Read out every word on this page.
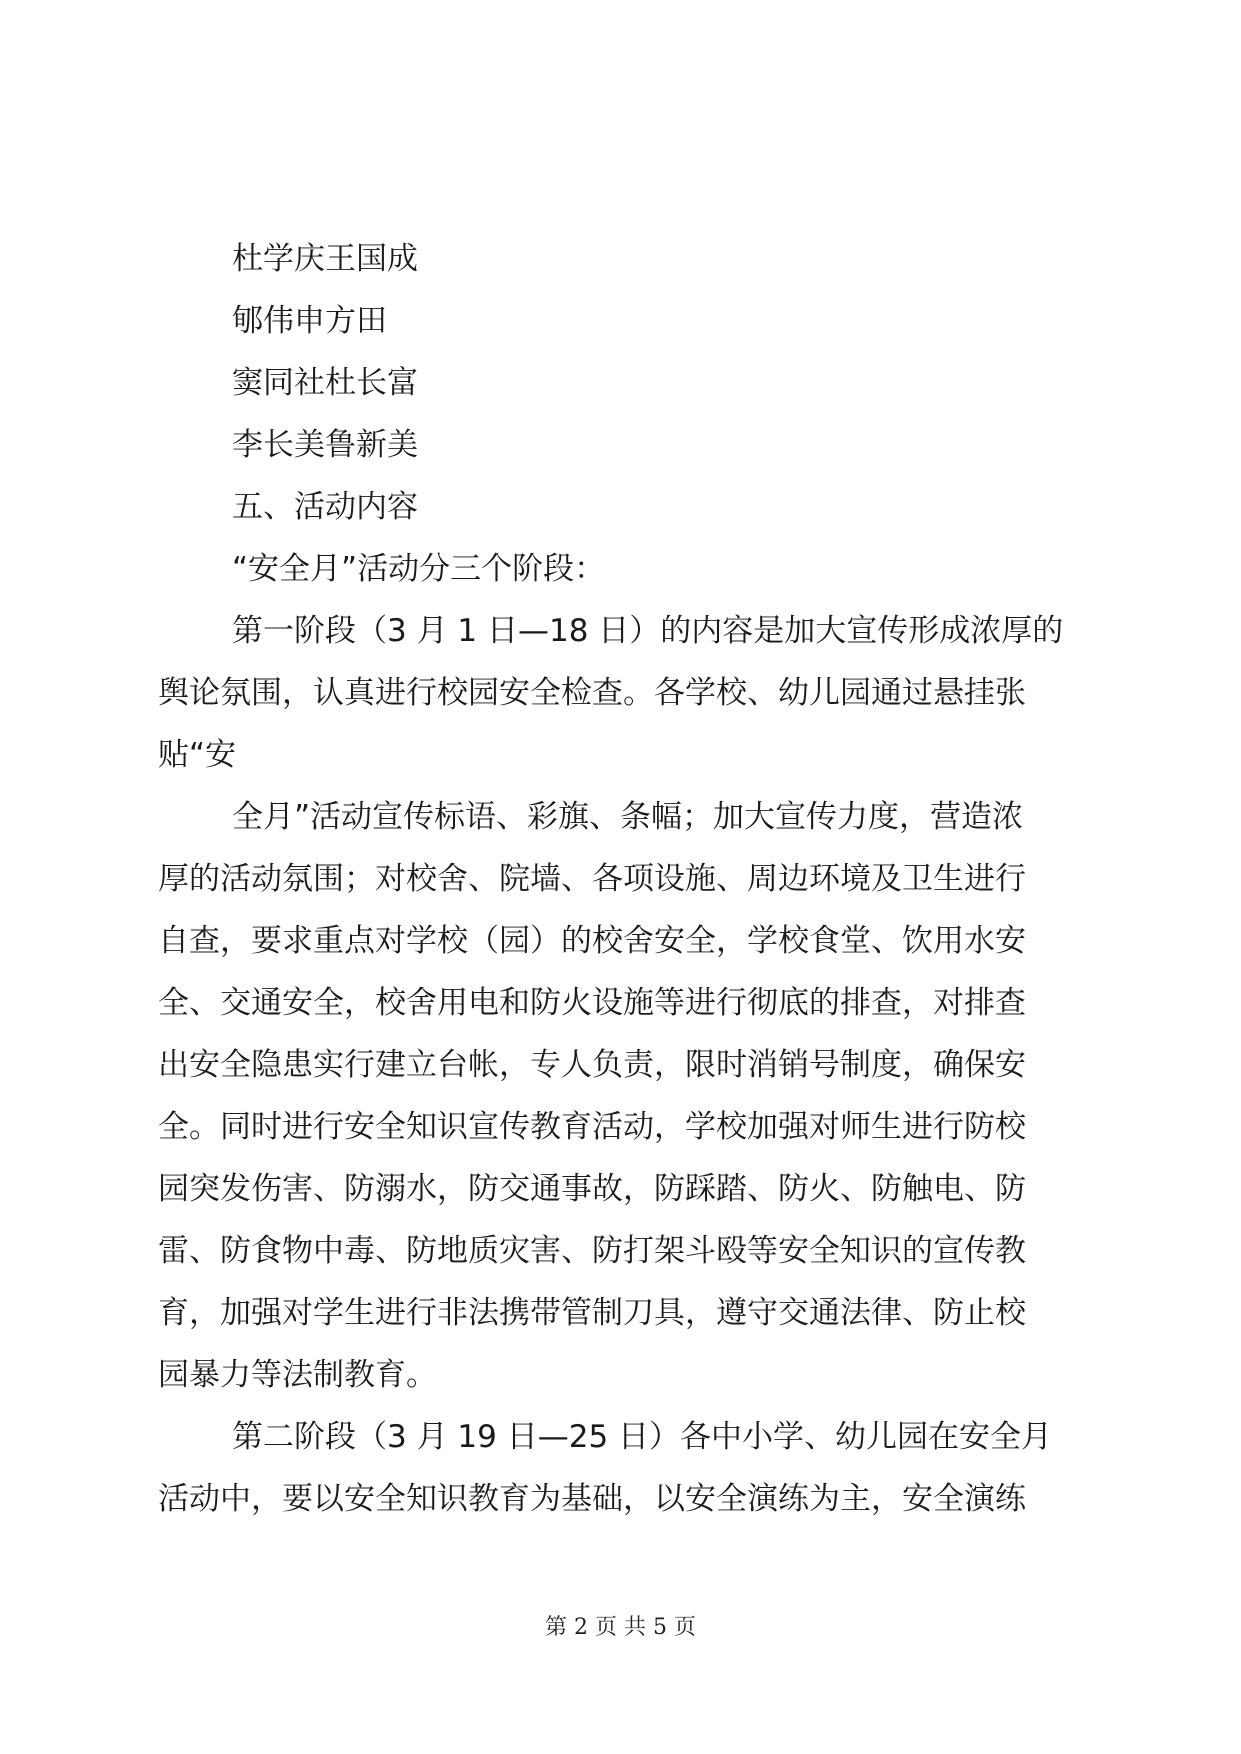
杜学庆王国成

郇伟申方田

窦同社杜长富

李长美鲁新美

五、活动内容

“安全月”活动分三个阶段：

第一阶段（3 月 1 日—18 日）的内容是加大宣传形成浓厚的

舆论氛围，认真进行校园安全检查。各学校、幼儿园通过悬挂张

贴“安

全月”活动宣传标语、彩旗、条幅；加大宣传力度，营造浓

厚的活动氛围；对校舍、院墙、各项设施、周边环境及卫生进行

自查，要求重点对学校（园）的校舍安全，学校食堂、饮用水安

全、交通安全，校舍用电和防火设施等进行彻底的排查，对排查

出安全隐患实行建立台帐，专人负责，限时消销号制度，确保安

全。同时进行安全知识宣传教育活动，学校加强对师生进行防校

园突发伤害、防溺水，防交通事故，防踩踏、防火、防触电、防

雷、防食物中毒、防地质灾害、防打架斗殴等安全知识的宣传教

育，加强对学生进行非法携带管制刀具，遵守交通法律、防止校

园暴力等法制教育。

第二阶段（3 月 19 日—25 日）各中小学、幼儿园在安全月

活动中，要以安全知识教育为基础，以安全演练为主，安全演练

第 2 页 共 5 页
